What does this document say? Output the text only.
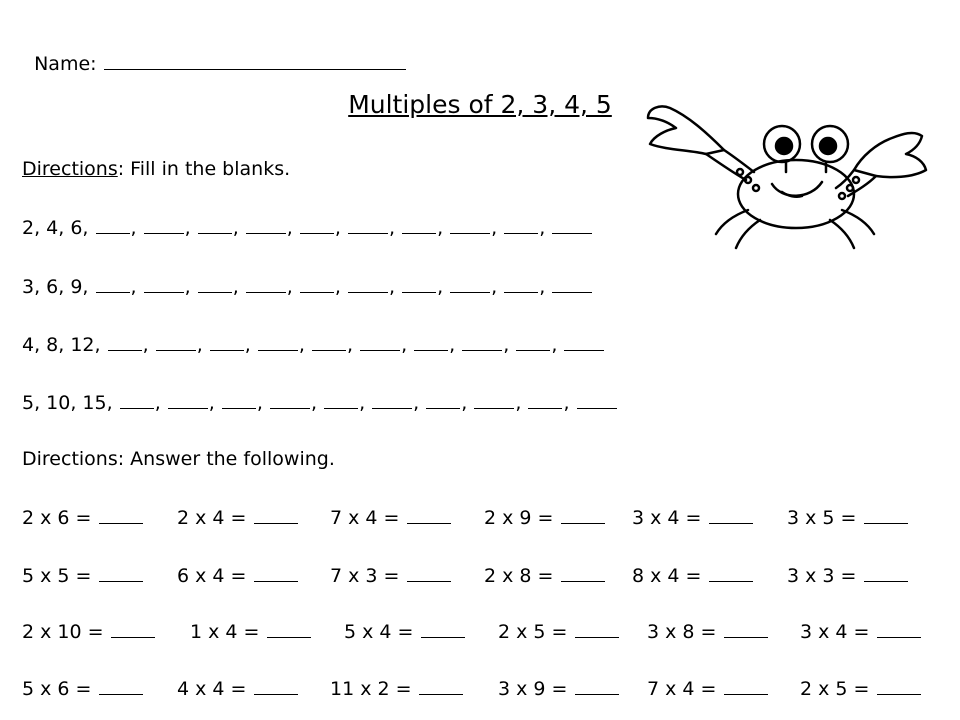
Name:

Multiples of 2, 3, 4, 5
Directions: Fill in the blanks.
2, 4, 6, , , , , , , , , ,
3, 6, 9, , , , , , , , , ,
4, 8, 12, , , , , , , , , ,
5, 10, 15, , , , , , , , , ,
Directions: Answer the following.
2 x 6 =	2 x 4 =	7 x 4 =	2 x 9 =	3 x 4 =	3 x 5 =
5 x 5 =	6 x 4 =	7 x 3 =	2 x 8 =	8 x 4 =	3 x 3 =
2 x 10 =	1 x 4 =	5 x 4 =	2 x 5 =	3 x 8 =	3 x 4 =
5 x 6 =	4 x 4 =	11 x 2 =	3 x 9 =	7 x 4 =	2 x 5 =
